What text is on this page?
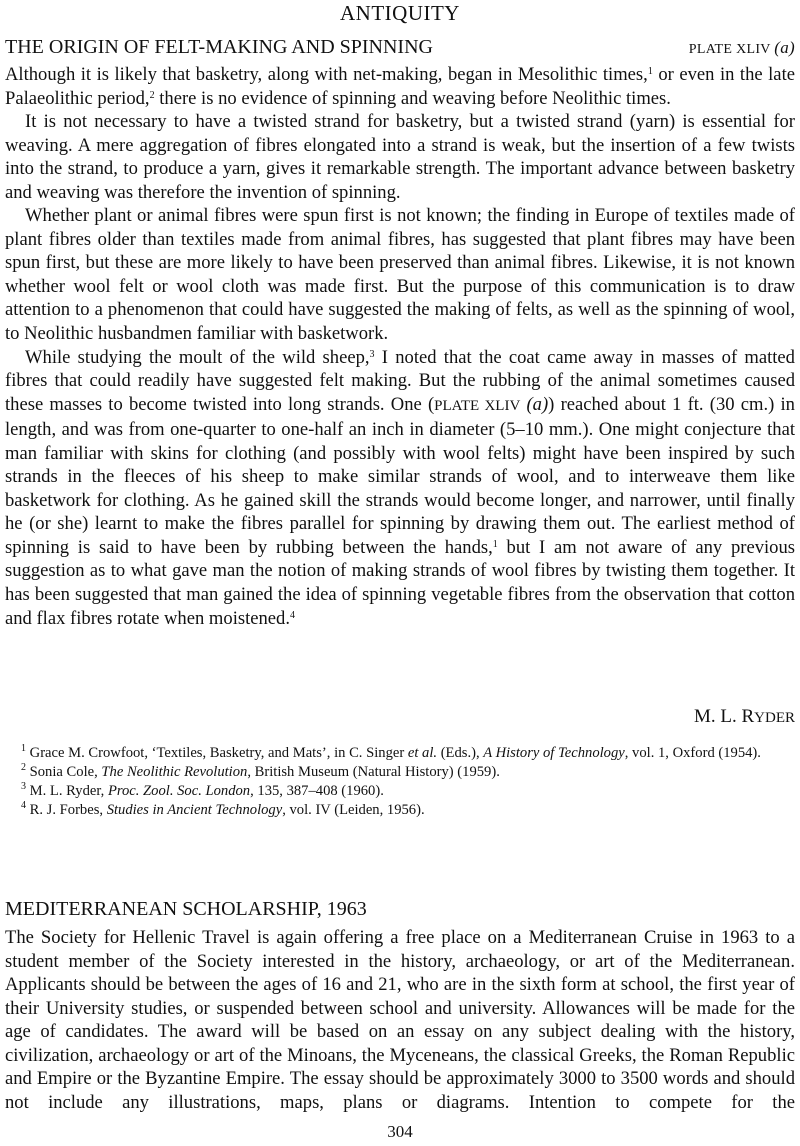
ANTIQUITY
THE ORIGIN OF FELT-MAKING AND SPINNING	PLATE XLIV (a)

Although it is likely that basketry, along with net-making, began in Mesolithic times,$^1$ or even in the late Palaeolithic period,$^2$ there is no evidence of spinning and weaving before Neolithic times.

It is not necessary to have a twisted strand for basketry, but a twisted strand (yarn) is essential for weaving. A mere aggregation of fibres elongated into a strand is weak, but the insertion of a few twists into the strand, to produce a yarn, gives it remarkable strength. The important advance between basketry and weaving was therefore the invention of spinning.

Whether plant or animal fibres were spun first is not known; the finding in Europe of textiles made of plant fibres older than textiles made from animal fibres, has suggested that plant fibres may have been spun first, but these are more likely to have been preserved than animal fibres. Likewise, it is not known whether wool felt or wool cloth was made first. But the purpose of this communication is to draw attention to a phenomenon that could have suggested the making of felts, as well as the spinning of wool, to Neolithic husbandmen familiar with basketwork.

While studying the moult of the wild sheep,$^3$ I noted that the coat came away in masses of matted fibres that could readily have suggested felt making. But the rubbing of the animal sometimes caused these masses to become twisted into long strands. One (PLATE XLIV (a)) reached about 1 ft. (30 cm.) in length, and was from one-quarter to one-half an inch in diameter (5–10 mm.). One might conjecture that man familiar with skins for clothing (and possibly with wool felts) might have been inspired by such strands in the fleeces of his sheep to make similar strands of wool, and to interweave them like basketwork for clothing. As he gained skill the strands would become longer, and narrower, until finally he (or she) learnt to make the fibres parallel for spinning by drawing them out. The earliest method of spinning is said to have been by rubbing between the hands,$^1$ but I am not aware of any previous suggestion as to what gave man the notion of making strands of wool fibres by twisting them together. It has been suggested that man gained the idea of spinning vegetable fibres from the observation that cotton and flax fibres rotate when moistened.$^4$

M. L. RYDER

$^1$ Grace M. Crowfoot, ‘Textiles, Basketry, and Mats’, in C. Singer et al. (Eds.), A History of Technology, vol. 1, Oxford (1954).

$^2$ Sonia Cole, The Neolithic Revolution, British Museum (Natural History) (1959).

$^3$ M. L. Ryder, Proc. Zool. Soc. London, 135, 387–408 (1960).

$^4$ R. J. Forbes, Studies in Ancient Technology, vol. IV (Leiden, 1956).

MEDITERRANEAN SCHOLARSHIP, 1963

The Society for Hellenic Travel is again offering a free place on a Mediterranean Cruise in 1963 to a student member of the Society interested in the history, archaeology, or art of the Mediterranean. Applicants should be between the ages of 16 and 21, who are in the sixth form at school, the first year of their University studies, or suspended between school and university. Allowances will be made for the age of candidates. The award will be based on an essay on any subject dealing with the history, civilization, archaeology or art of the Minoans, the Myceneans, the classical Greeks, the Roman Republic and Empire or the Byzantine Empire. The essay should be approximately 3000 to 3500 words and should not include any illustrations, maps, plans or diagrams. Intention to compete for the

304
